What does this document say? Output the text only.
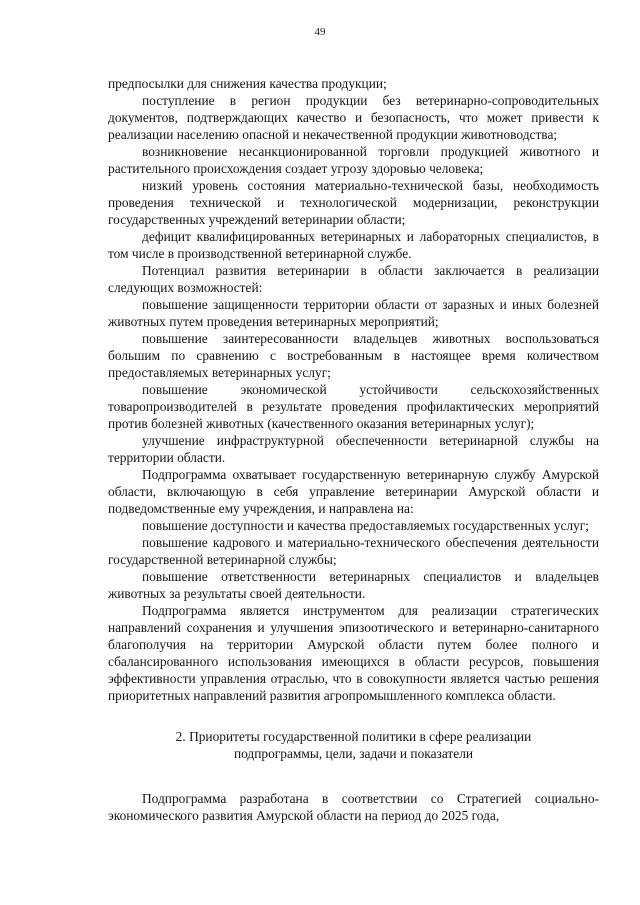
49

предпосылки для снижения качества продукции;

поступление в регион продукции без ветеринарно-сопроводительных документов, подтверждающих качество и безопасность, что может привести к реализации населению опасной и некачественной продукции животноводства;

возникновение несанкционированной торговли продукцией животного и растительного происхождения создает угрозу здоровью человека;

низкий уровень состояния материально-технической базы, необходимость проведения технической и технологической модернизации, реконструкции государственных учреждений ветеринарии области;

дефицит квалифицированных ветеринарных и лабораторных специалистов, в том числе в производственной ветеринарной службе.

Потенциал развития ветеринарии в области заключается в реализации следующих возможностей:

повышение защищенности территории области от заразных и иных болезней животных путем проведения ветеринарных мероприятий;

повышение заинтересованности владельцев животных воспользоваться большим по сравнению с востребованным в настоящее время количеством предоставляемых ветеринарных услуг;

повышение экономической устойчивости сельскохозяйственных товаропроизводителей в результате проведения профилактических мероприятий против болезней животных (качественного оказания ветеринарных услуг);

улучшение инфраструктурной обеспеченности ветеринарной службы на территории области.

Подпрограмма охватывает государственную ветеринарную службу Амурской области, включающую в себя управление ветеринарии Амурской области и подведомственные ему учреждения, и направлена на:

повышение доступности и качества предоставляемых государственных услуг;

повышение кадрового и материально-технического обеспечения деятельности государственной ветеринарной службы;

повышение ответственности ветеринарных специалистов и владельцев животных за результаты своей деятельности.

Подпрограмма является инструментом для реализации стратегических направлений сохранения и улучшения эпизоотического и ветеринарно-санитарного благополучия на территории Амурской области путем более полного и сбалансированного использования имеющихся в области ресурсов, повышения эффективности управления отраслью, что в совокупности является частью решения приоритетных направлений развития агропромышленного комплекса области.

2. Приоритеты государственной политики в сфере реализации
подпрограммы, цели, задачи и показатели

Подпрограмма разработана в соответствии со Стратегией социально-экономического развития Амурской области на период до 2025 года,
